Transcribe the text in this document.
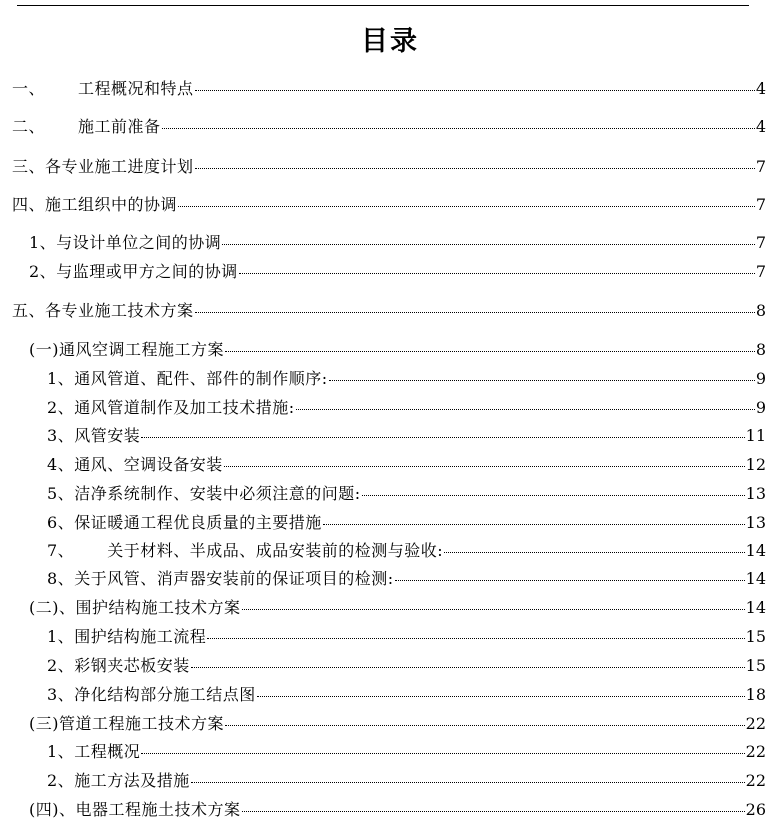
目录
一、 工程概况和特点	4
二、 施工前准备	4
三、各专业施工进度计划	7
四、施工组织中的协调	7
1、与设计单位之间的协调	7
2、与监理或甲方之间的协调	7
五、各专业施工技术方案	8
(一)通风空调工程施工方案	8
1、通风管道、配件、部件的制作顺序:	9
2、通风管道制作及加工技术措施:	9
3、风管安装	11
4、通风、空调设备安装	12
5、洁净系统制作、安装中必须注意的问题:	13
6、保证暖通工程优良质量的主要措施	13
7、 关于材料、半成品、成品安装前的检测与验收:	14
8、关于风管、消声器安装前的保证项目的检测:	14
(二)、围护结构施工技术方案	14
1、围护结构施工流程	15
2、彩钢夹芯板安装	15
3、净化结构部分施工结点图	18
(三)管道工程施工技术方案	22
1、工程概况	22
2、施工方法及措施	22
(四)、电器工程施土技术方案	26
